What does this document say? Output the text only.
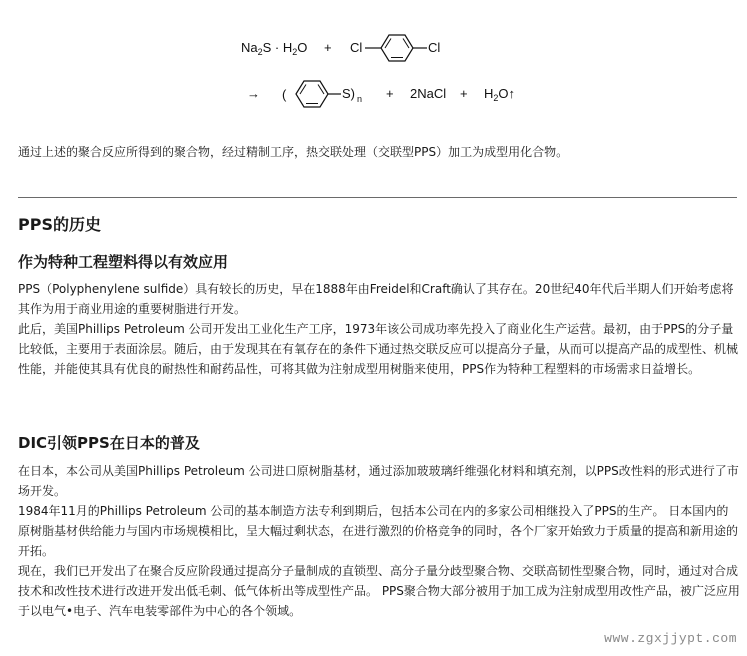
$Na_2S \cdot H_2O + Cl$	Cl
→ (	S) $_n$ + 2NaCl + $H_2O↑$

通过上述的聚合反应所得到的聚合物，经过精制工序，热交联处理（交联型PPS）加工为成型用化合物。

PPS的历史
作为特种工程塑料得以有效应用

PPS（Polyphenylene sulfide）具有较长的历史，早在1888年由Freidel和Craft确认了其存在。20世纪40年代后半期人们开始考虑将其作为用于商业用途的重要树脂进行开发。

此后，美国Phillips Petroleum 公司开发出工业化生产工序，1973年该公司成功率先投入了商业化生产运营。最初，由于PPS的分子量比较低，主要用于表面涂层。随后，由于发现其在有氧存在的条件下通过热交联反应可以提高分子量，从而可以提高产品的成型性、机械性能，并能使其具有优良的耐热性和耐药品性，可将其做为注射成型用树脂来使用，PPS作为特种工程塑料的市场需求日益增长。

DIC引领PPS在日本的普及

在日本，本公司从美国Phillips Petroleum 公司进口原树脂基材，通过添加玻玻璃纤维强化材料和填充剂，以PPS改性料的形式进行了市场开发。

1984年11月的Phillips Petroleum 公司的基本制造方法专利到期后，包括本公司在内的多家公司相继投入了PPS的生产。 日本国内的原树脂基材供给能力与国内市场规模相比，呈大幅过剩状态，在进行激烈的价格竞争的同时，各个厂家开始致力于质量的提高和新用途的开拓。

现在，我们已开发出了在聚合反应阶段通过提高分子量制成的直锁型、高分子量分歧型聚合物、交联高韧性型聚合物，同时，通过对合成技术和改性技术进行改进开发出低毛刺、低气体析出等成型性产品。 PPS聚合物大部分被用于加工成为注射成型用改性产品，被广泛应用于以电气•电子、汽车电装零部件为中心的各个领域。

www.zgxjjypt.com
